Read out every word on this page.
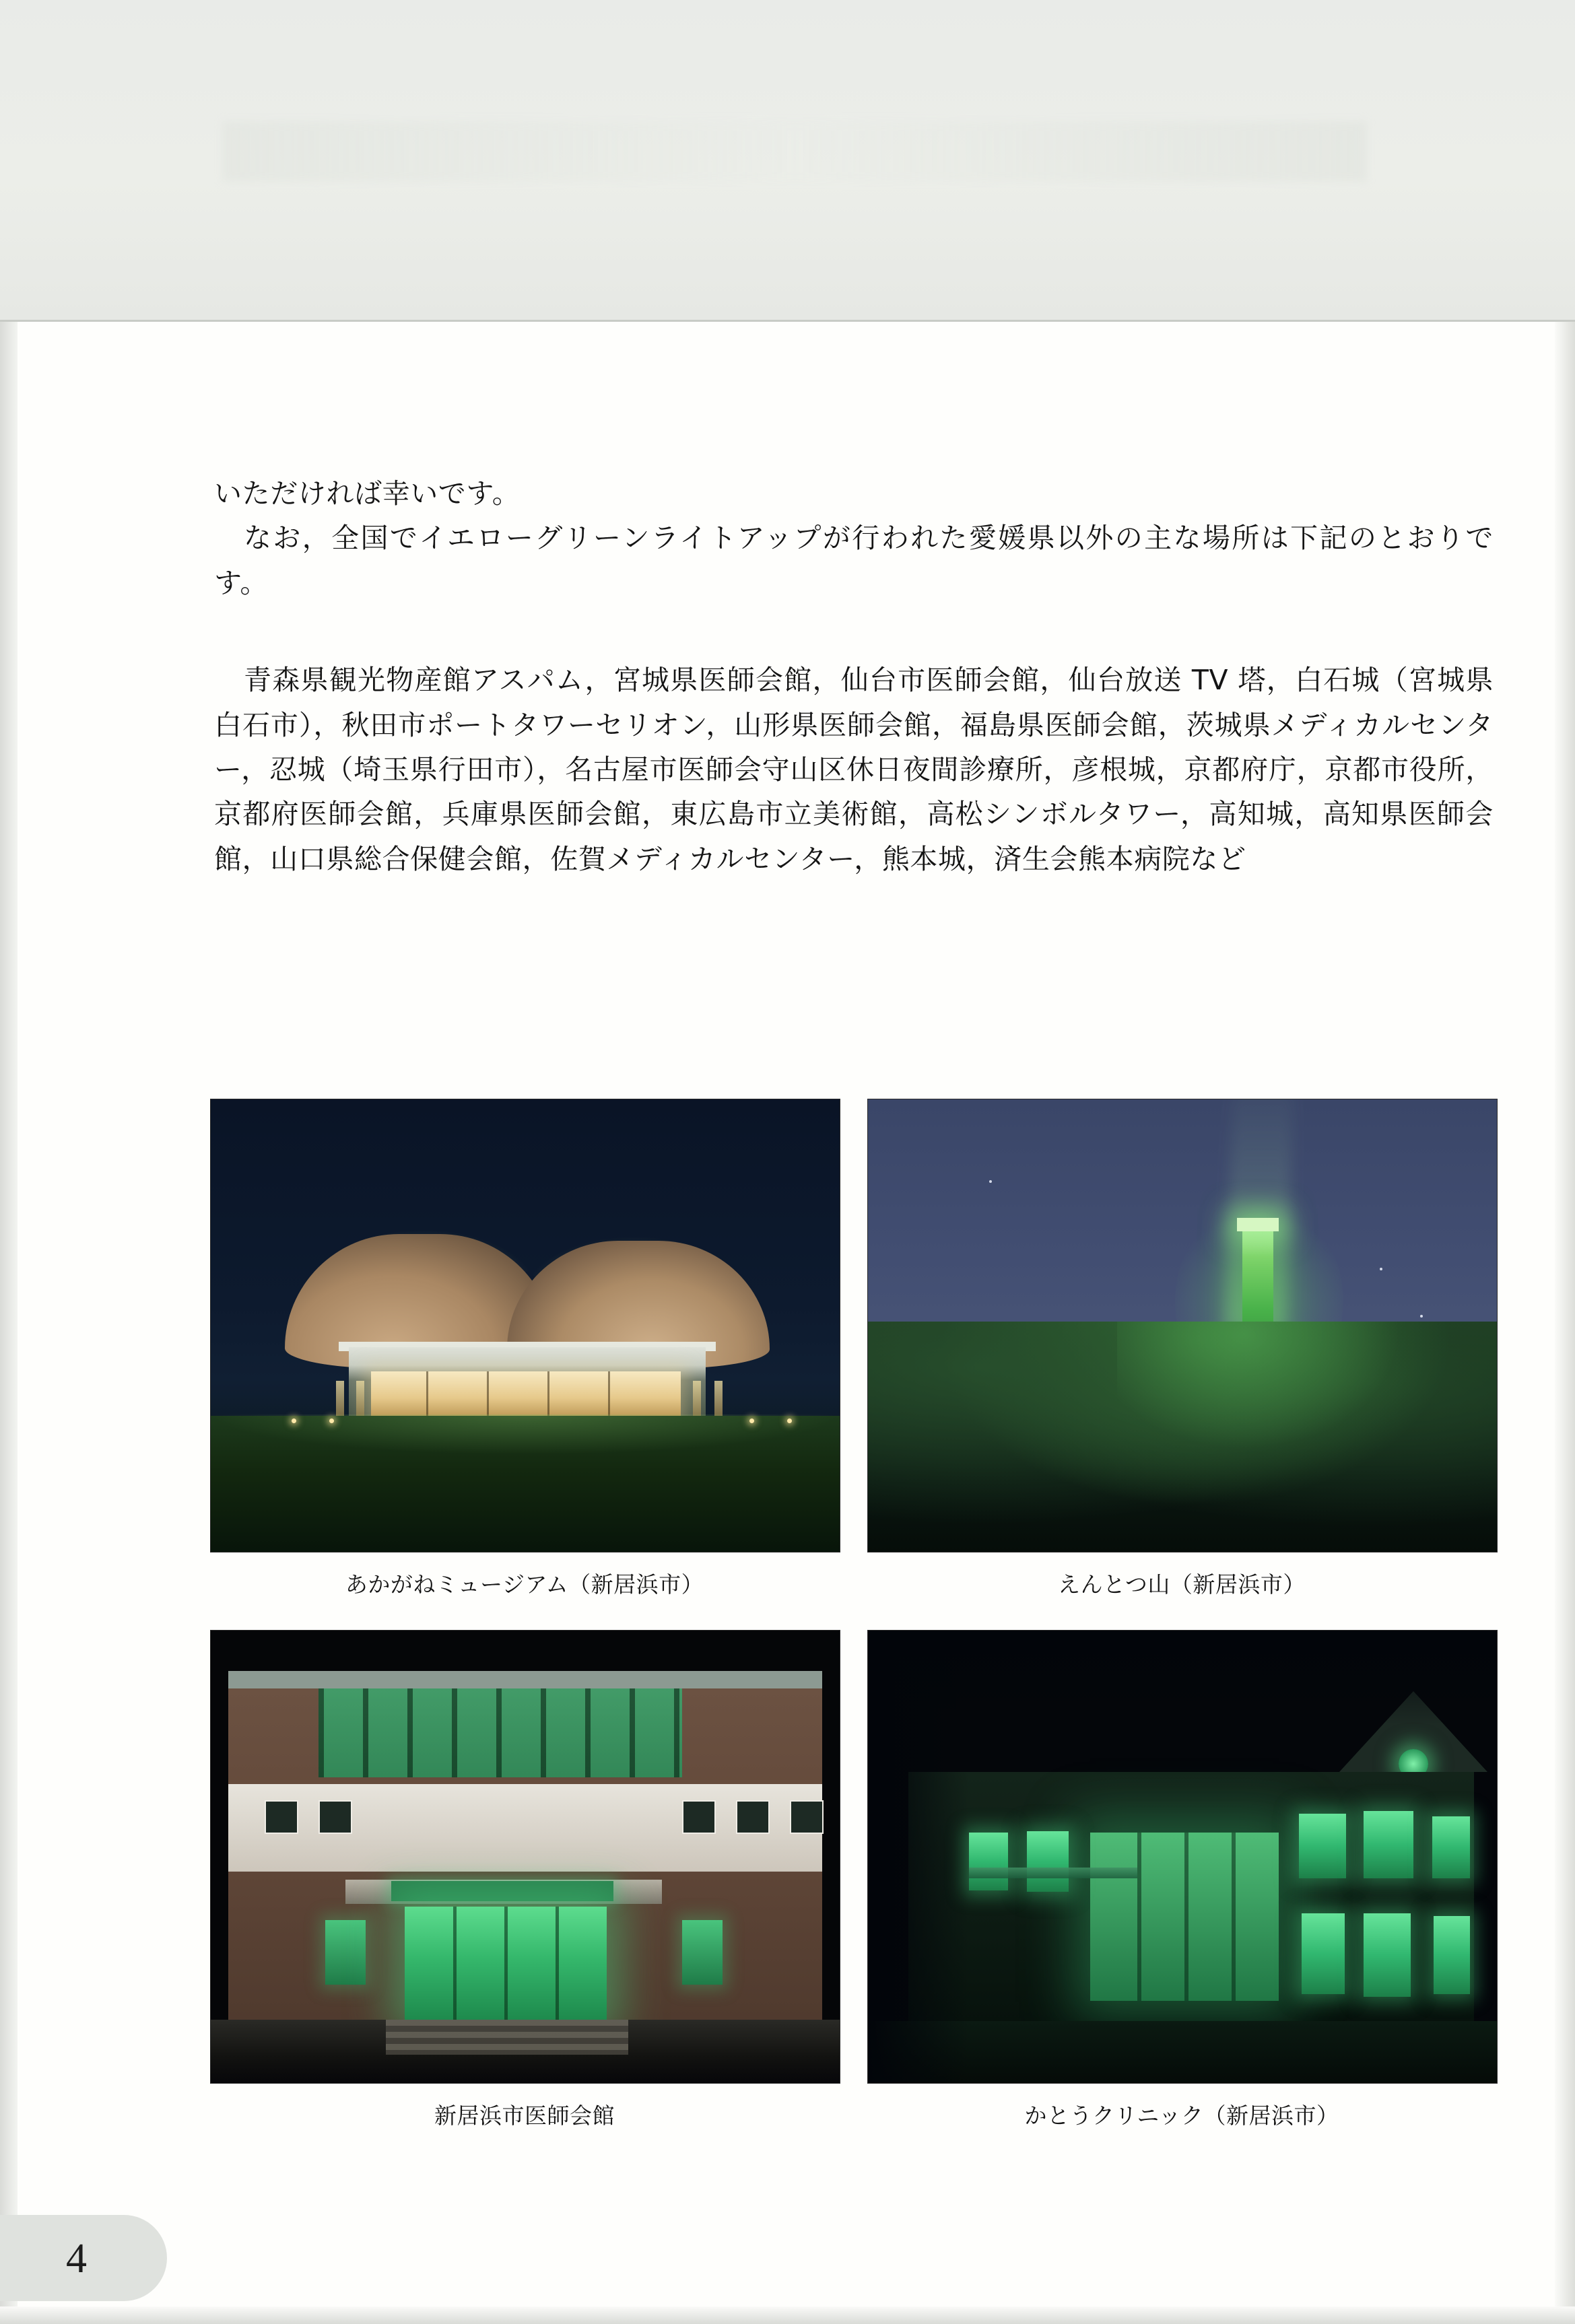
4
いただければ幸いです。
なお，全国でイエローグリーンライトアップが行われた愛媛県以外の主な場所は下記のとおりです。
青森県観光物産館アスパム，宮城県医師会館，仙台市医師会館，仙台放送 TV 塔，白石城（宮城県白石市），秋田市ポートタワーセリオン，山形県医師会館，福島県医師会館，茨城県メディカルセンター，忍城（埼玉県行田市），名古屋市医師会守山区休日夜間診療所，彦根城，京都府庁，京都市役所，京都府医師会館，兵庫県医師会館，東広島市立美術館，高松シンボルタワー，高知城，高知県医師会館，山口県総合保健会館，佐賀メディカルセンター，熊本城，済生会熊本病院など
あかがねミュージアム（新居浜市）	えんとつ山（新居浜市）
新居浜市医師会館	かとうクリニック（新居浜市）
